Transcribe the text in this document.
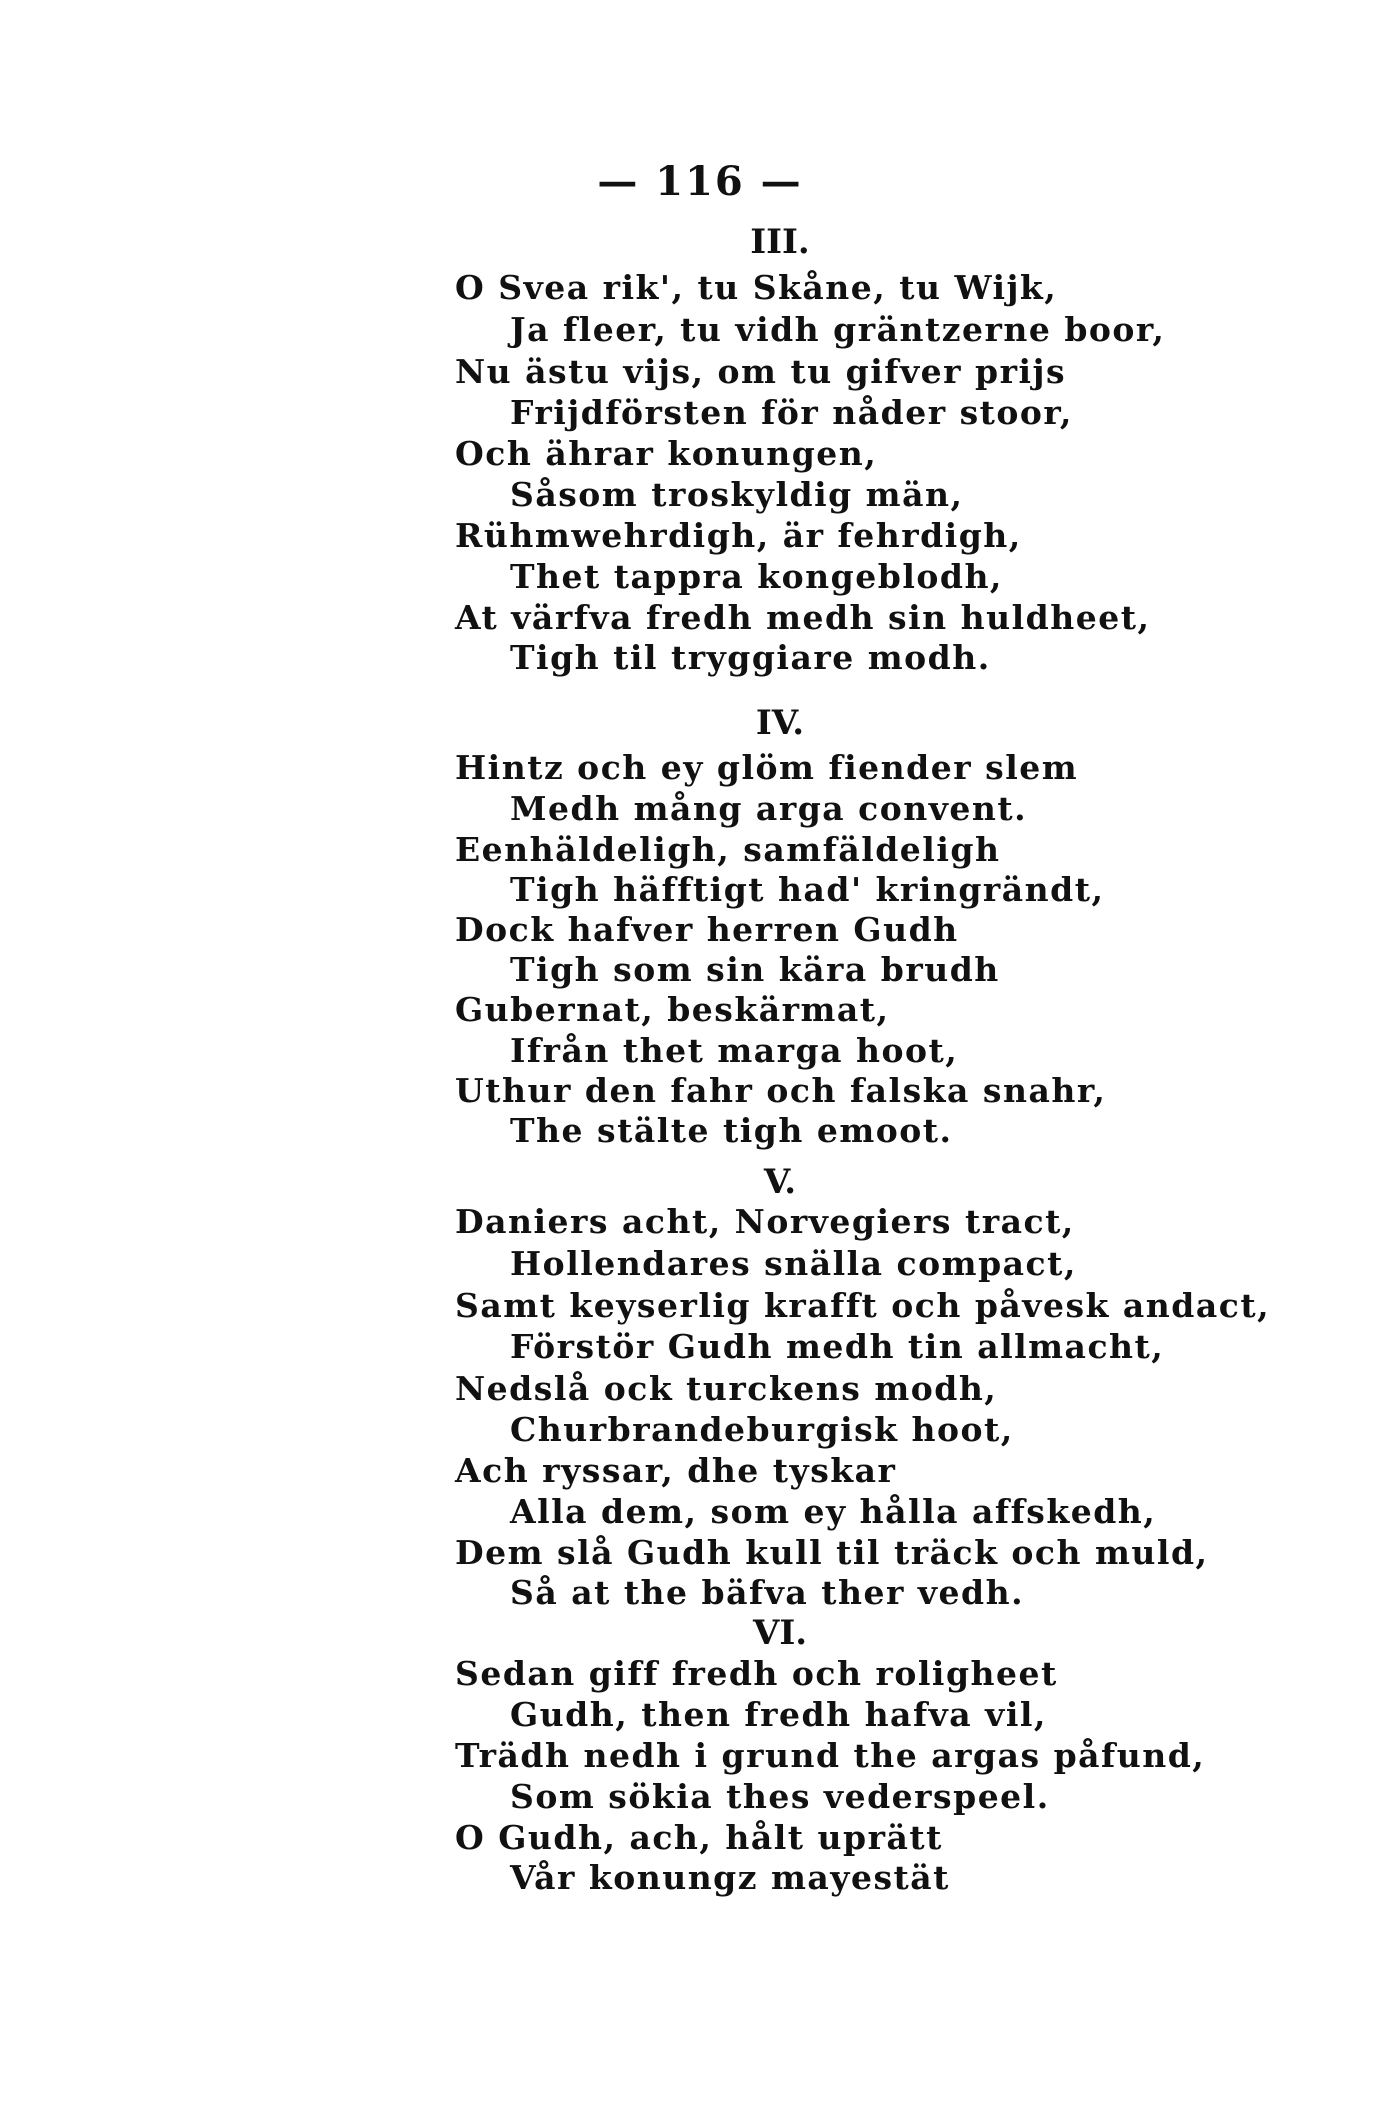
— 116 —
III.
O Svea rik', tu Skåne, tu Wijk,
Ja fleer, tu vidh gräntzerne boor,
Nu ästu vijs, om tu gifver prijs
Frijdförsten för nåder stoor,
Och ährar konungen,
Såsom troskyldig män,
Rühmwehrdigh, är fehrdigh,
Thet tappra kongeblodh,
At värfva fredh medh sin huldheet,
Tigh til tryggiare modh.
IV.
Hintz och ey glöm fiender slem
Medh mång arga convent.
Eenhäldeligh, samfäldeligh
Tigh häfftigt had' kringrändt,
Dock hafver herren Gudh
Tigh som sin kära brudh
Gubernat, beskärmat,
Ifrån thet marga hoot,
Uthur den fahr och falska snahr,
The stälte tigh emoot.
V.
Daniers acht, Norvegiers tract,
Hollendares snälla compact,
Samt keyserlig krafft och påvesk andact,
Förstör Gudh medh tin allmacht,
Nedslå ock turckens modh,
Churbrandeburgisk hoot,
Ach ryssar, dhe tyskar
Alla dem, som ey hålla affskedh,
Dem slå Gudh kull til träck och muld,
Så at the bäfva ther vedh.
VI.
Sedan giff fredh och roligheet
Gudh, then fredh hafva vil,
Trädh nedh i grund the argas påfund,
Som sökia thes vederspeel.
O Gudh, ach, hålt uprätt
Vår konungz mayestät
